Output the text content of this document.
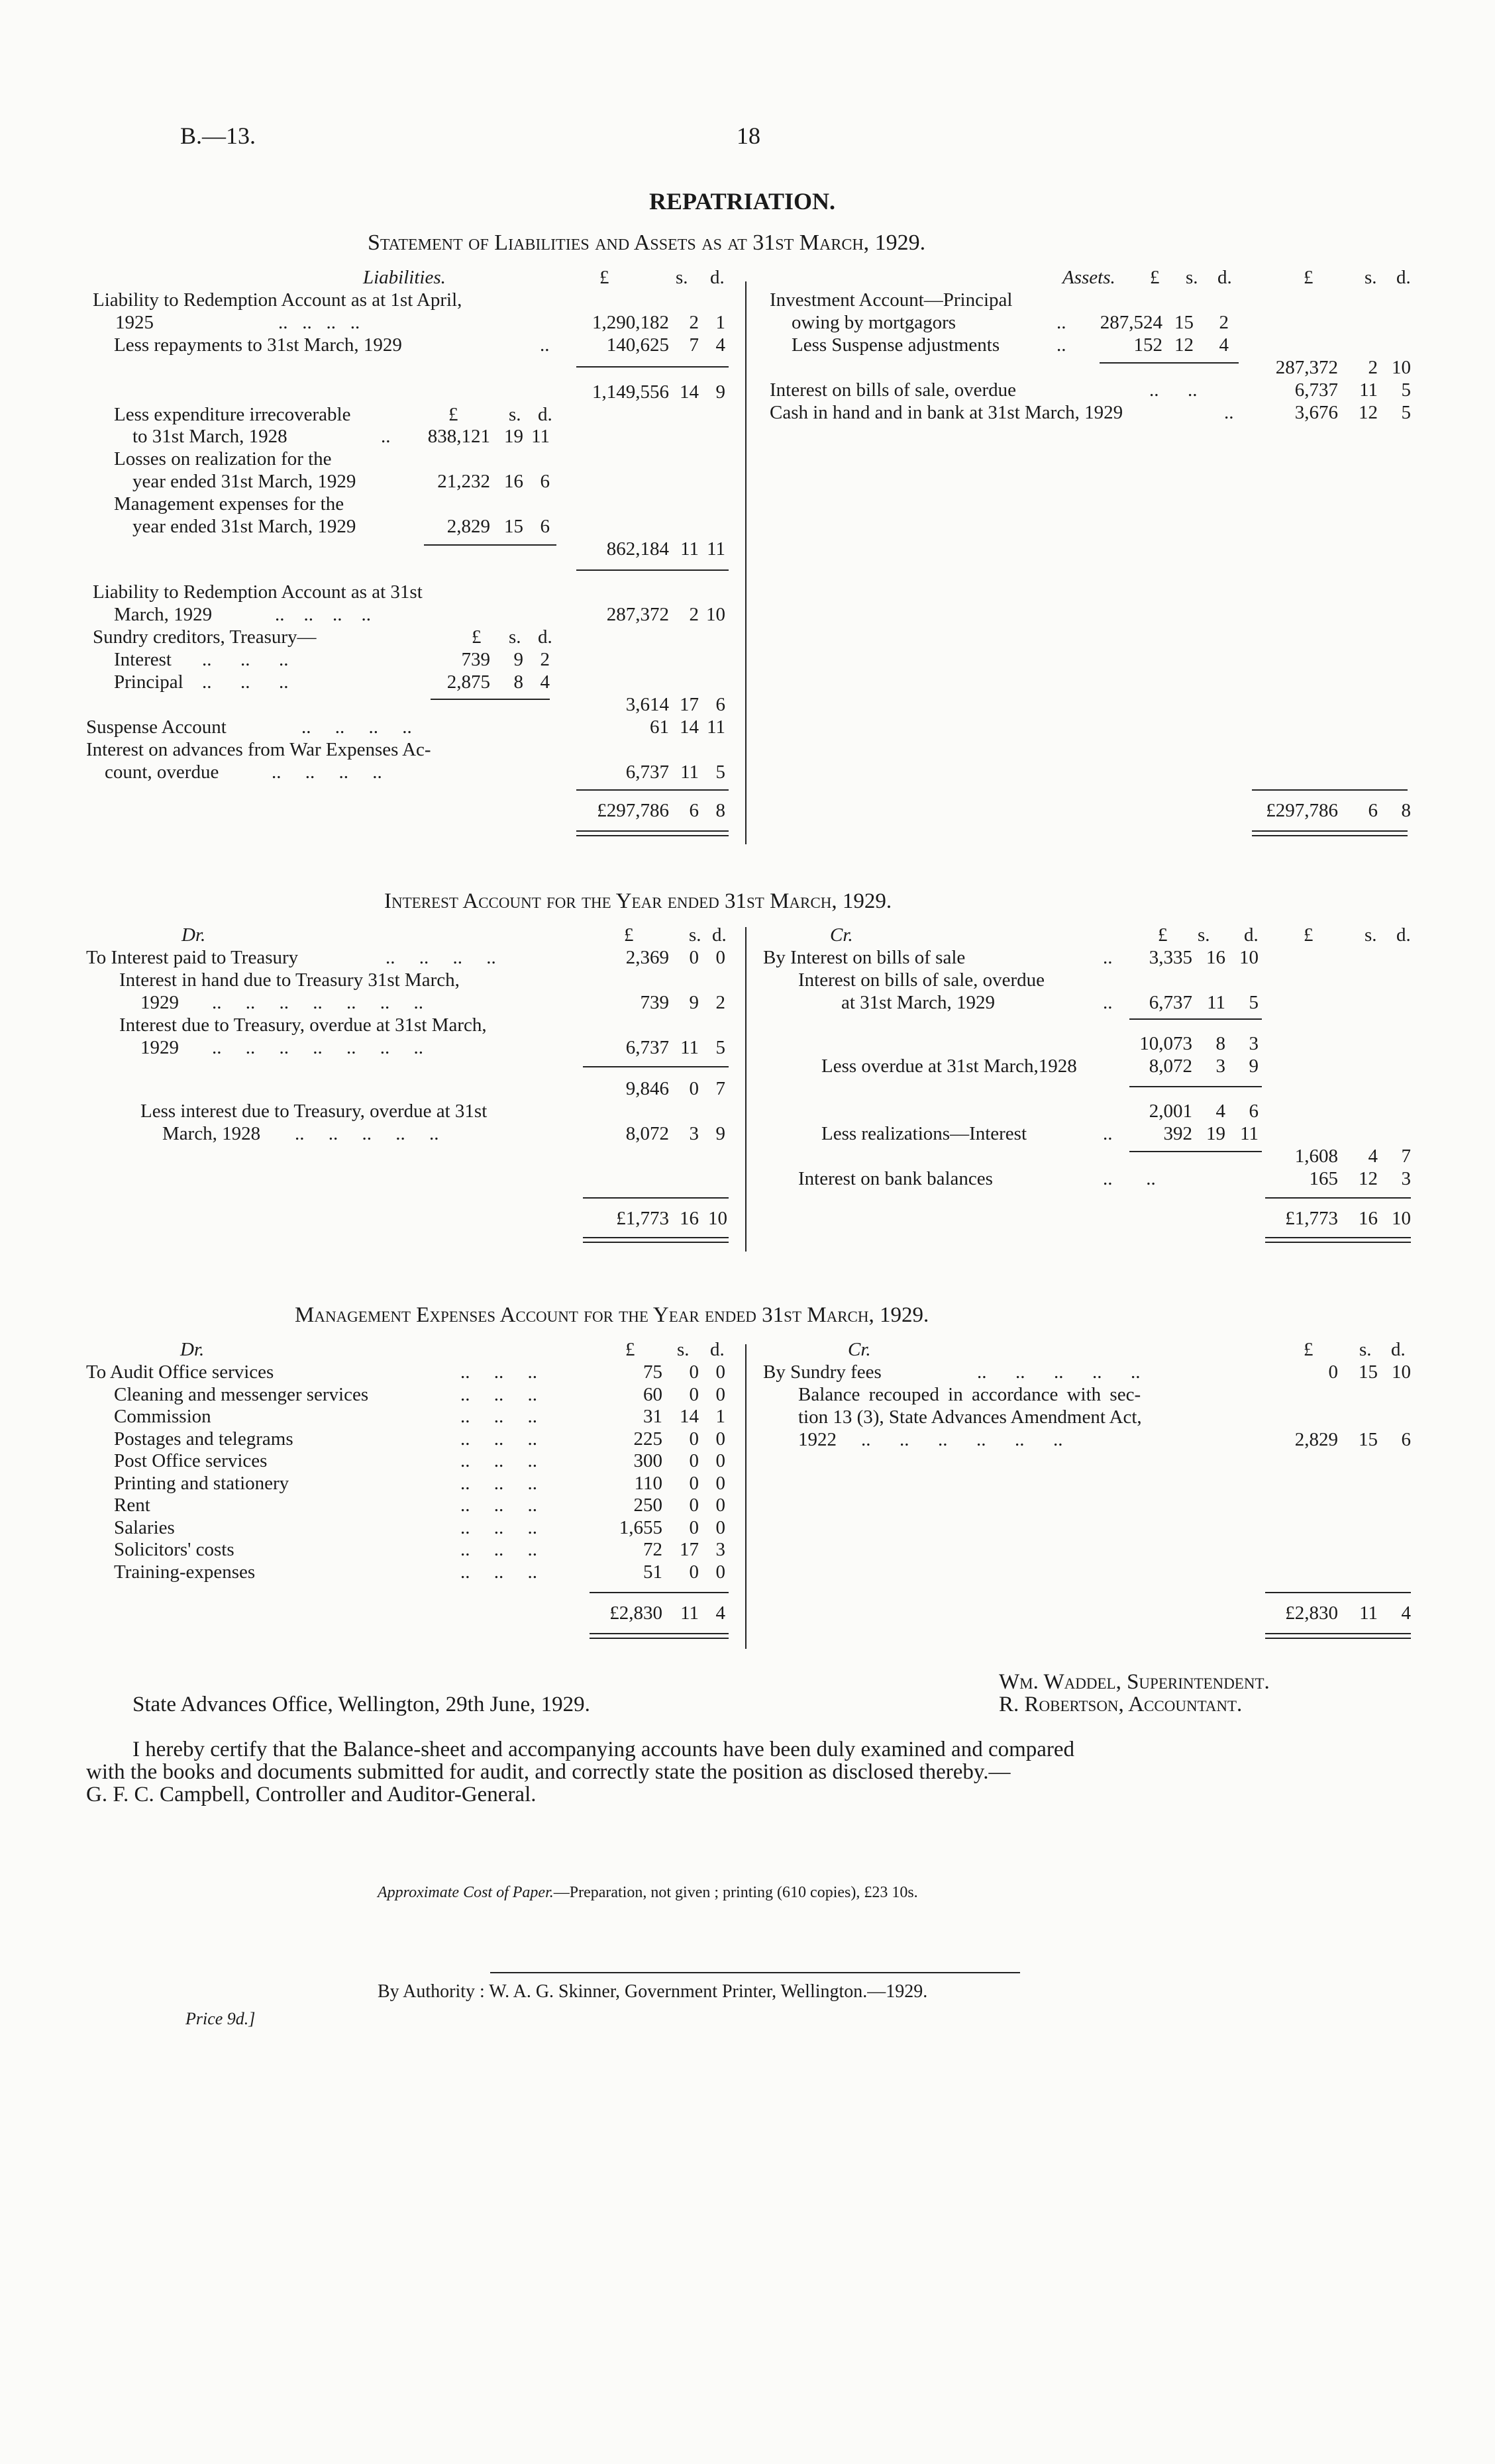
B.—13.	18
REPATRIATION.
Statement of Liabilities and Assets as at 31st March, 1929.
Liabilities.	£	s. d.
Liability to Redemption Account as at 1st April,
1925	..   ..   ..   ..	1,290,182	2 1
Less repayments to 31st March, 1929	..	140,625	7 4
1,149,556 14 9
£	s. d.
Less expenditure irrecoverable
to 31st March, 1928	..	838,121 19 11
Losses on realization for the
year ended 31st March, 1929	21,232 16 6
Management expenses for the
year ended 31st March, 1929	2,829 15 6
862,184 11 11
Liability to Redemption Account as at 31st
March, 1929	..    ..    ..    ..	287,372	2 10
Sundry creditors, Treasury—	£ s. d.
Interest ..      ..      ..	739	9 2
Principal ..      ..      ..	2,875	8 4
3,614 17 6
Suspense Account	..     ..     ..     ..	61 14 11
Interest on advances from War Expenses Ac-
count, overdue	..     ..     ..     ..	6,737 11 5
£297,786	6 8
Assets. £ s. d.	£	s. d.
Investment Account—Principal
owing by mortgagors	..	287,524 15	2
Less Suspense adjustments	..	152 12	4
287,372	2 10
Interest on bills of sale, overdue	..      ..	6,737	11	5
Cash in hand and in bank at 31st March, 1929	..	3,676	12	5
£297,786	6	8
Interest Account for the Year ended 31st March, 1929.
Dr.	£	s. d.
To Interest paid to Treasury	..     ..     ..     ..	2,369	0 0
Interest in hand due to Treasury 31st March,
1929 ..     ..     ..     ..     ..     ..     ..	739	9 2
Interest due to Treasury, overdue at 31st March,
1929 ..     ..     ..     ..     ..     ..     ..	6,737 11 5
9,846	0 7
Less interest due to Treasury, overdue at 31st
March, 1928 ..     ..     ..     ..     ..	8,072	3 9
£1,773 16 10
Cr.	£ s. d. £	s. d.
By Interest on bills of sale	..	3,335 16 10
Interest on bills of sale, overdue
at 31st March, 1929	..	6,737 11	5
10,073	8	3
Less overdue at 31st March,1928	8,072	3	9
2,001	4	6
Less realizations—Interest	..	392 19 11
1,608	4	7
Interest on bank balances	..       ..	165	12	3
£1,773	16 10
Management Expenses Account for the Year ended 31st March, 1929.
Dr.	£ s. d.
To Audit Office services	..     ..     ..	75	0 0
Cleaning and messenger services	..     ..     ..	60	0 0
Commission	..     ..     ..	31 14 1
Postages and telegrams	..     ..     ..	225	0 0
Post Office services	..     ..     ..	300	0 0
Printing and stationery	..     ..     ..	110	0 0
Rent	..     ..     ..	250	0 0
Salaries	..     ..     ..	1,655	0 0
Solicitors' costs	..     ..     ..	72 17 3
Training-expenses	..     ..     ..	51	0 0
£2,830 11 4
Cr.	£ s. d.
By Sundry fees	..      ..      ..      ..      ..	0	15 10
Balance recouped in accordance with sec-
tion 13 (3), State Advances Amendment Act,
1922 ..      ..      ..      ..      ..      ..	2,829	15	6
£2,830	11	4
Wm. Waddel, Superintendent.
State Advances Office, Wellington, 29th June, 1929.	R. Robertson, Accountant.
I hereby certify that the Balance-sheet and accompanying accounts have been duly examined and compared
with the books and documents submitted for audit, and correctly state the position as disclosed thereby.—
G. F. C. Campbell, Controller and Auditor-General.
Approximate Cost of Paper.—Preparation, not given ; printing (610 copies), £23 10s.
By Authority : W. A. G. Skinner, Government Printer, Wellington.—1929.
Price 9d.]
